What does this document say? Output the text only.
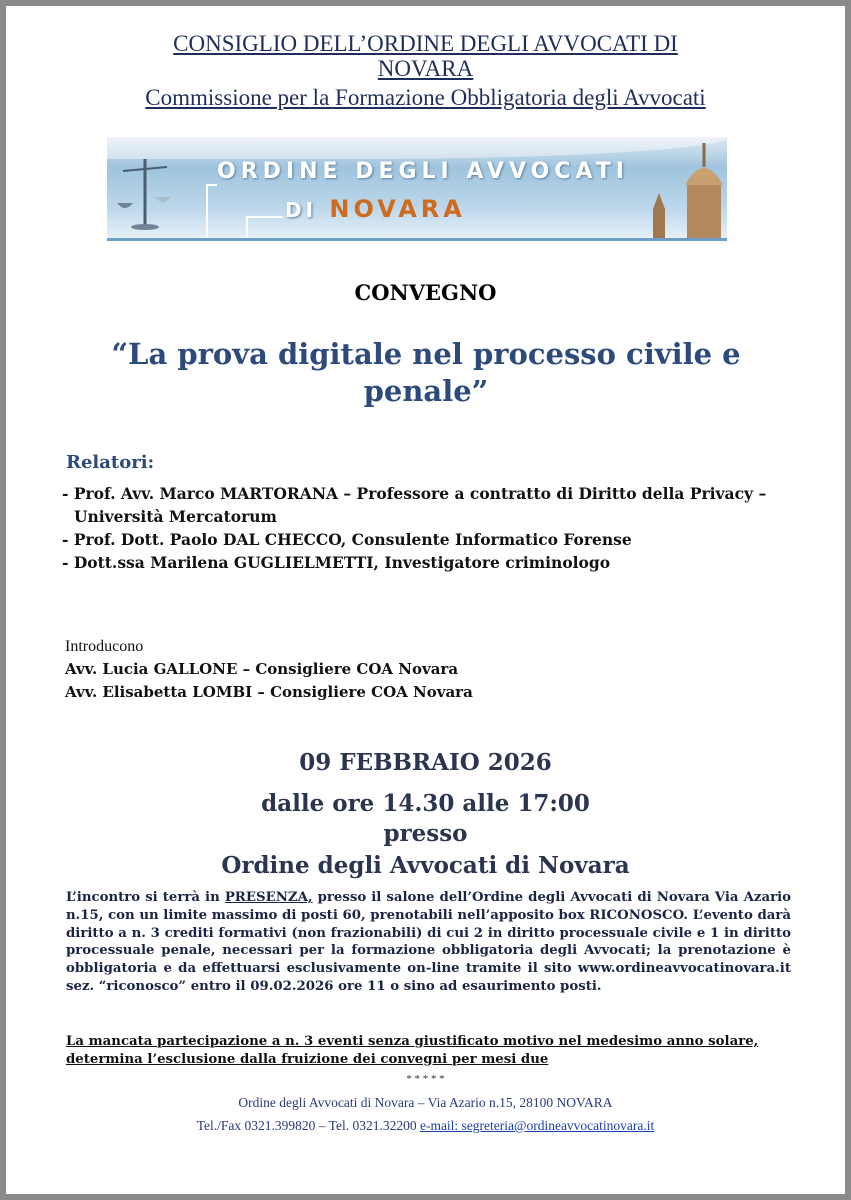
CONSIGLIO DELL’ORDINE DEGLI AVVOCATI DI
NOVARA
Commissione per la Formazione Obbligatoria degli Avvocati
ORDINE DEGLI AVVOCATI
DI NOVARA
CONVEGNO
“La prova digitale nel processo civile e
penale”
Relatori:
- Prof. Avv. Marco MARTORANA – Professore a contratto di Diritto della Privacy – Università Mercatorum
- Prof. Dott. Paolo DAL CHECCO, Consulente Informatico Forense
- Dott.ssa Marilena GUGLIELMETTI, Investigatore criminologo
Introducono
Avv. Lucia GALLONE – Consigliere COA Novara
Avv. Elisabetta LOMBI – Consigliere COA Novara
09 FEBBRAIO 2026
dalle ore 14.30 alle 17:00
presso
Ordine degli Avvocati di Novara
L’incontro si terrà in PRESENZA, presso il salone dell’Ordine degli Avvocati di Novara Via Azario n.15, con un limite massimo di posti 60, prenotabili nell’apposito box RICONOSCO. L’evento darà diritto a n. 3 crediti formativi (non frazionabili) di cui 2 in diritto processuale civile e 1 in diritto processuale penale, necessari per la formazione obbligatoria degli Avvocati; la prenotazione è obbligatoria e da effettuarsi esclusivamente on-line tramite il sito www.ordineavvocatinovara.it sez. “riconosco” entro il 09.02.2026 ore 11 o sino ad esaurimento posti.
La mancata partecipazione a n. 3 eventi senza giustificato motivo nel medesimo anno solare, determina l’esclusione dalla fruizione dei convegni per mesi due
* * * * *
Ordine degli Avvocati di Novara – Via Azario n.15, 28100 NOVARA
Tel./Fax 0321.399820 – Tel. 0321.32200 e-mail: segreteria@ordineavvocatinovara.it
